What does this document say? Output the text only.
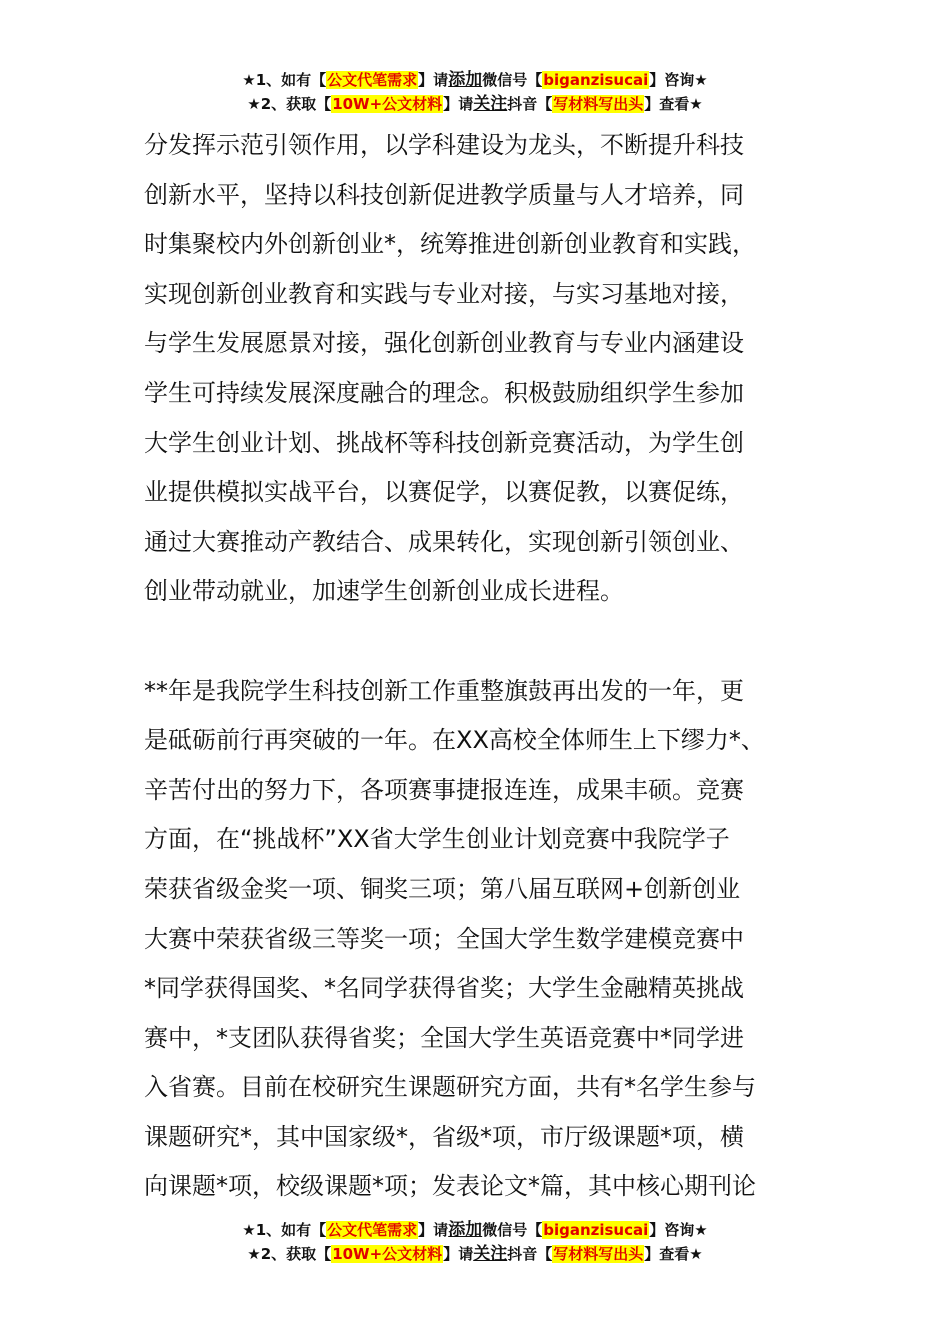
★1、如有【公文代笔需求】请添加微信号【biganzisucai】咨询★
★2、获取【10W+公文材料】请关注抖音【写材料写出头】查看★

分发挥示范引领作用，以学科建设为龙头，不断提升科技
创新水平，坚持以科技创新促进教学质量与人才培养，同
时集聚校内外创新创业*，统筹推进创新创业教育和实践，
实现创新创业教育和实践与专业对接，与实习基地对接，
与学生发展愿景对接，强化创新创业教育与专业内涵建设
学生可持续发展深度融合的理念。积极鼓励组织学生参加
大学生创业计划、挑战杯等科技创新竞赛活动，为学生创
业提供模拟实战平台，以赛促学，以赛促教，以赛促练，
通过大赛推动产教结合、成果转化，实现创新引领创业、
创业带动就业，加速学生创新创业成长进程。

**年是我院学生科技创新工作重整旗鼓再出发的一年，更
是砥砺前行再突破的一年。在XX高校全体师生上下缪力*、
辛苦付出的努力下，各项赛事捷报连连，成果丰硕。竞赛
方面，在“挑战杯”XX省大学生创业计划竞赛中我院学子
荣获省级金奖一项、铜奖三项；第八届互联网+创新创业
大赛中荣获省级三等奖一项；全国大学生数学建模竞赛中
*同学获得国奖、*名同学获得省奖；大学生金融精英挑战
赛中，*支团队获得省奖；全国大学生英语竞赛中*同学进
入省赛。目前在校研究生课题研究方面，共有*名学生参与
课题研究*，其中国家级*，省级*项，市厅级课题*项，横
向课题*项，校级课题*项；发表论文*篇，其中核心期刊论

★1、如有【公文代笔需求】请添加微信号【biganzisucai】咨询★
★2、获取【10W+公文材料】请关注抖音【写材料写出头】查看★
